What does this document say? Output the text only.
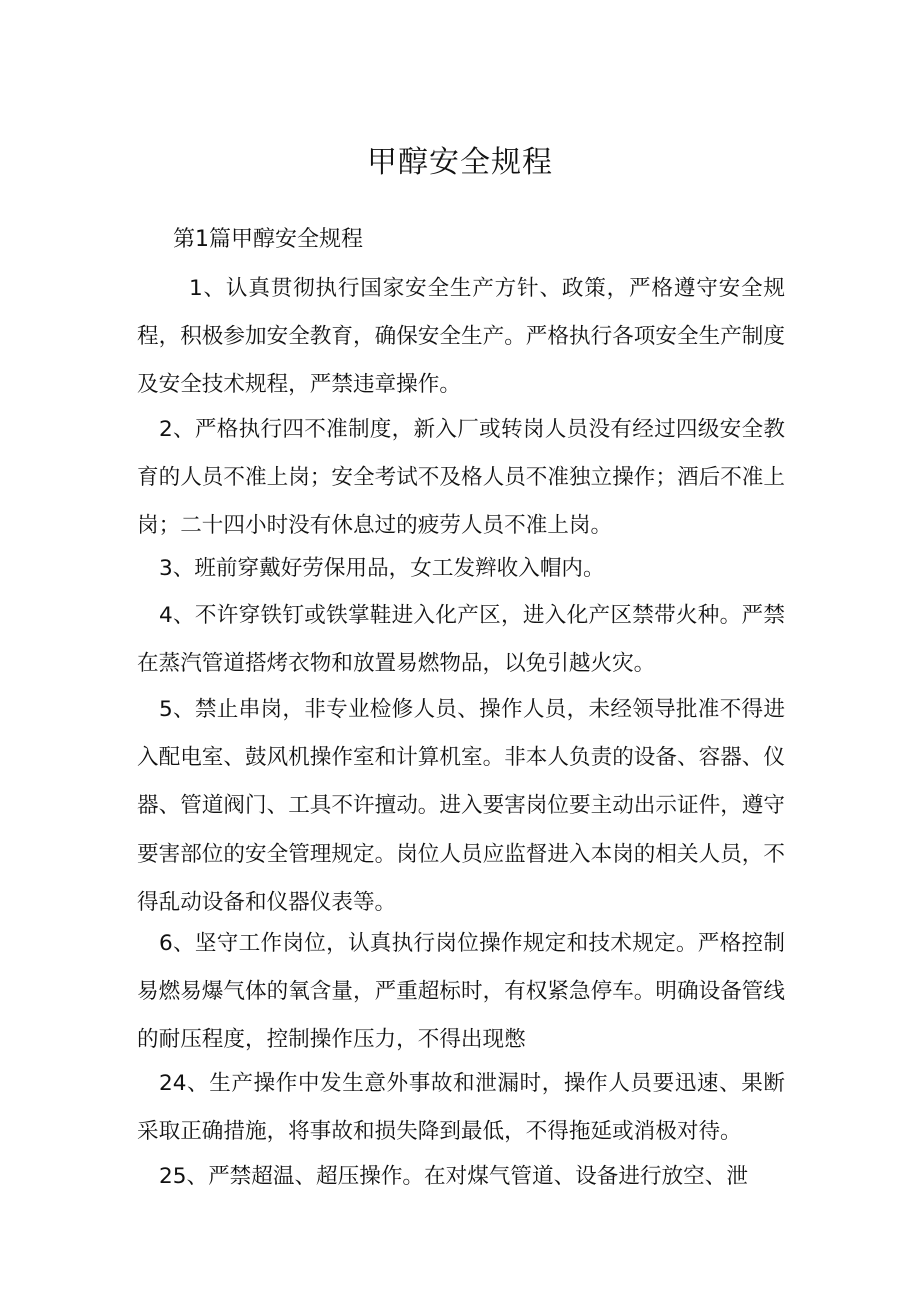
甲醇安全规程
第1篇甲醇安全规程

1、认真贯彻执行国家安全生产方针、政策，严格遵守安全规程，积极参加安全教育，确保安全生产。严格执行各项安全生产制度及安全技术规程，严禁违章操作。

2、严格执行四不准制度，新入厂或转岗人员没有经过四级安全教育的人员不准上岗；安全考试不及格人员不准独立操作；酒后不准上岗；二十四小时没有休息过的疲劳人员不准上岗。

3、班前穿戴好劳保用品，女工发辫收入帽内。

4、不许穿铁钉或铁掌鞋进入化产区，进入化产区禁带火种。严禁在蒸汽管道搭烤衣物和放置易燃物品，以免引越火灾。

5、禁止串岗，非专业检修人员、操作人员，未经领导批准不得进入配电室、鼓风机操作室和计算机室。非本人负责的设备、容器、仪器、管道阀门、工具不许擅动。进入要害岗位要主动出示证件，遵守要害部位的安全管理规定。岗位人员应监督进入本岗的相关人员，不得乱动设备和仪器仪表等。

6、坚守工作岗位，认真执行岗位操作规定和技术规定。严格控制易燃易爆气体的氧含量，严重超标时，有权紧急停车。明确设备管线的耐压程度，控制操作压力，不得出现憋

24、生产操作中发生意外事故和泄漏时，操作人员要迅速、果断采取正确措施，将事故和损失降到最低，不得拖延或消极对待。

25、严禁超温、超压操作。在对煤气管道、设备进行放空、泄
